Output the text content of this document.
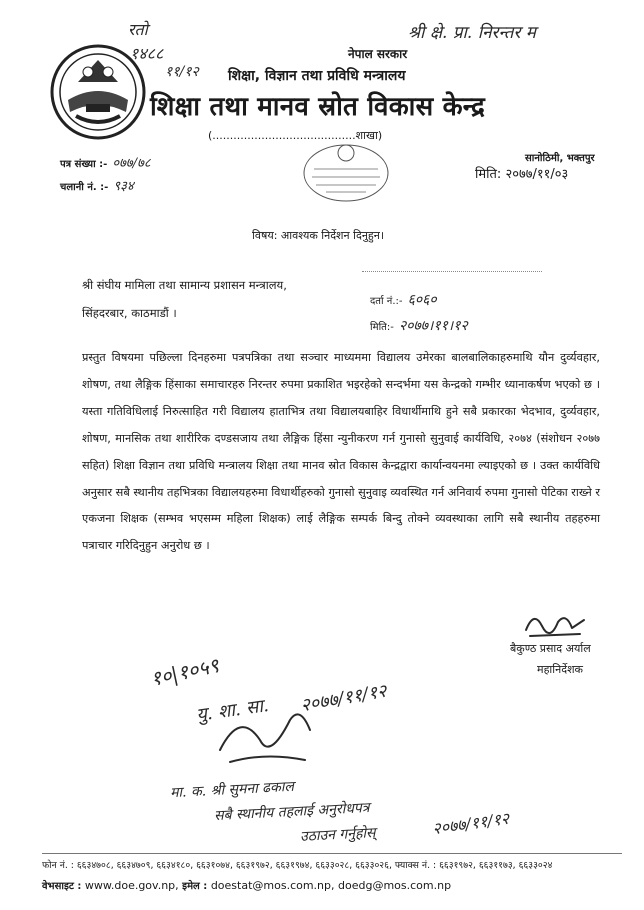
नेपाल सरकार
शिक्षा, विज्ञान तथा प्रविधि मन्त्रालय
शिक्षा तथा मानव स्रोत विकास केन्द्र
(.........................................शाखा)
रतो
१४८८
११/१२
श्री क्षे. प्रा. निरन्तर म
पत्र संख्या :- ०७७/७८
चलानी नं. :- ९३४
सानोठिमी, भक्तपुर
मिति: २०७७/११/०३
विषय: आवश्यक निर्देशन दिनुहुन।
श्री संघीय मामिला तथा सामान्य प्रशासन मन्त्रालय,
सिंहदरबार, काठमाडौं ।
दर्ता नं.:- ६०६०
मिति:- २०७७।११।१२
प्रस्तुत विषयमा पछिल्ला दिनहरुमा पत्रपत्रिका तथा सञ्चार माध्यममा विद्यालय उमेरका बालबालिकाहरुमाथि यौन दुर्व्यवहार, शोषण, तथा लैङ्गिक हिंसाका समाचारहरु निरन्तर रुपमा प्रकाशित भइरहेको सन्दर्भमा यस केन्द्रको गम्भीर ध्यानाकर्षण भएको छ । यस्ता गतिविधिलाई निरुत्साहित गरी विद्यालय हाताभित्र तथा विद्यालयबाहिर विधार्थीमाथि हुने सबै प्रकारका भेदभाव, दुर्व्यवहार, शोषण, मानसिक तथा शारीरिक दण्डसजाय तथा लैङ्गिक हिंसा न्युनीकरण गर्न गुनासो सुनुवाई कार्यविधि, २०७४ (संशोधन २०७७ सहित) शिक्षा विज्ञान तथा प्रविधि मन्त्रालय शिक्षा तथा मानव स्रोत विकास केन्द्रद्वारा कार्यान्वयनमा ल्याइएको छ । उक्त कार्यविधि अनुसार सबै स्थानीय तहभित्रका विद्यालयहरुमा विधार्थीहरुको गुनासो सुनुवाइ व्यवस्थित गर्न अनिवार्य रुपमा गुनासो पेटिका राख्ने र एकजना शिक्षक (सम्भव भएसम्म महिला शिक्षक) लाई लैङ्गिक सम्पर्क बिन्दु तोक्ने व्यवस्थाका लागि सबै स्थानीय तहहरुमा पत्राचार गरिदिनुहुन अनुरोध छ ।
बैकुण्ठ प्रसाद अर्याल
महानिर्देशक
१०|१०५९
यु. शा. सा. २०७७/११/१२
मा. क. श्री सुमना ढकाल
सबै स्थानीय तहलाई अनुरोधपत्र
उठाउन गर्नुहोस्	२०७७/११/१२
फोन नं. : ६६३४७०८, ६६३४७०९, ६६३४१८०, ६६३१०७४, ६६३१९७२, ६६३१९७४, ६६३३०२८, ६६३३०२६, फ्याक्स नं. : ६६३१९७२, ६६३११७३, ६६३३०२४
वेभसाइट : www.doe.gov.np, इमेल : doestat@mos.com.np, doedg@mos.com.np
